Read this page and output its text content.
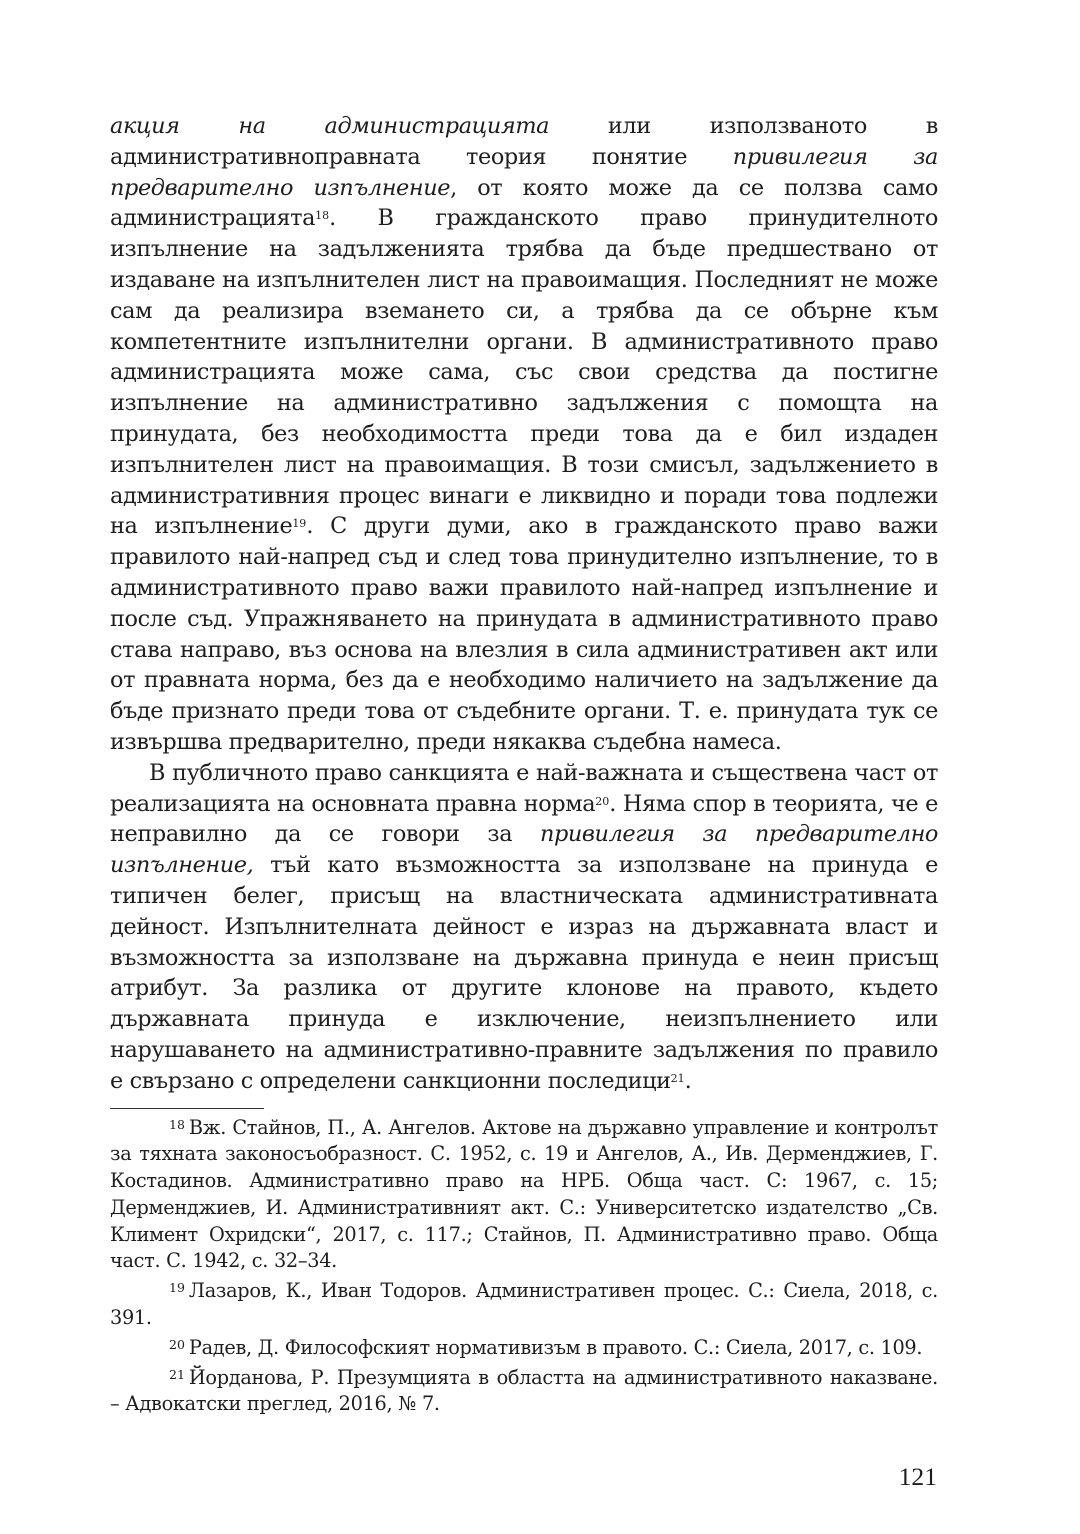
акция на администрацията или използваното в административноправната теория понятие привилегия за предварително изпълнение, от която може да се ползва само администрацията$^{18}$. В гражданското право принудителното изпълнение на задълженията трябва да бъде предшествано от издаване на изпълнителен лист на правоимащия. Последният не може сам да реализира вземането си, а трябва да се обърне към компетентните изпълнителни органи. В административното право администрацията може сама, със свои средства да постигне изпълнение на административно задължения с помощта на принудата, без необходимостта преди това да е бил издаден изпълнителен лист на правоимащия. В този смисъл, задължението в административния процес винаги е ликвидно и поради това подлежи на изпълнение$^{19}$. С други думи, ако в гражданското право важи правилото най-напред съд и след това принудително изпълнение, то в административното право важи правилото най-напред изпълнение и после съд. Упражняването на принудата в административното право става направо, въз основа на влезлия в сила административен акт или от правната норма, без да е необходимо наличието на задължение да бъде признато преди това от съдебните органи. Т. е. принудата тук се извършва предварително, преди някаква съдебна намеса.

В публичното право санкцията е най-важната и съществена част от реализацията на основната правна норма$^{20}$. Няма спор в теорията, че е неправилно да се говори за привилегия за предварително изпълнение, тъй като възможността за използване на принуда е типичен белег, присъщ на властническата административната дейност. Изпълнителната дейност е израз на държавната власт и възможността за използване на държавна принуда е неин присъщ атрибут. За разлика от другите клонове на правото, където държавната принуда е изключение, неизпълнението или нарушаването на административно-правните задължения по правило е свързано с определени санкционни последици$^{21}$.

$^{18}$ Вж. Стайнов, П., А. Ангелов. Актове на държавно управление и контролът за тяхната законосъобразност. С. 1952, с. 19 и Ангелов, А., Ив. Дерменджиев, Г. Костадинов. Административно право на НРБ. Обща част. С: 1967, с. 15; Дерменджиев, И. Административният акт. С.: Университетско издателство „Св. Климент Охридски“, 2017, с. 117.; Стайнов, П. Административно право. Обща част. С. 1942, с. 32–34.

$^{19}$ Лазаров, К., Иван Тодоров. Административен процес. С.: Сиела, 2018, с. 391.

$^{20}$ Радев, Д. Философският нормативизъм в правото. С.: Сиела, 2017, с. 109.

$^{21}$ Йорданова, Р. Презумцията в областта на административното наказване. – Адвокатски преглед, 2016, № 7.

121
